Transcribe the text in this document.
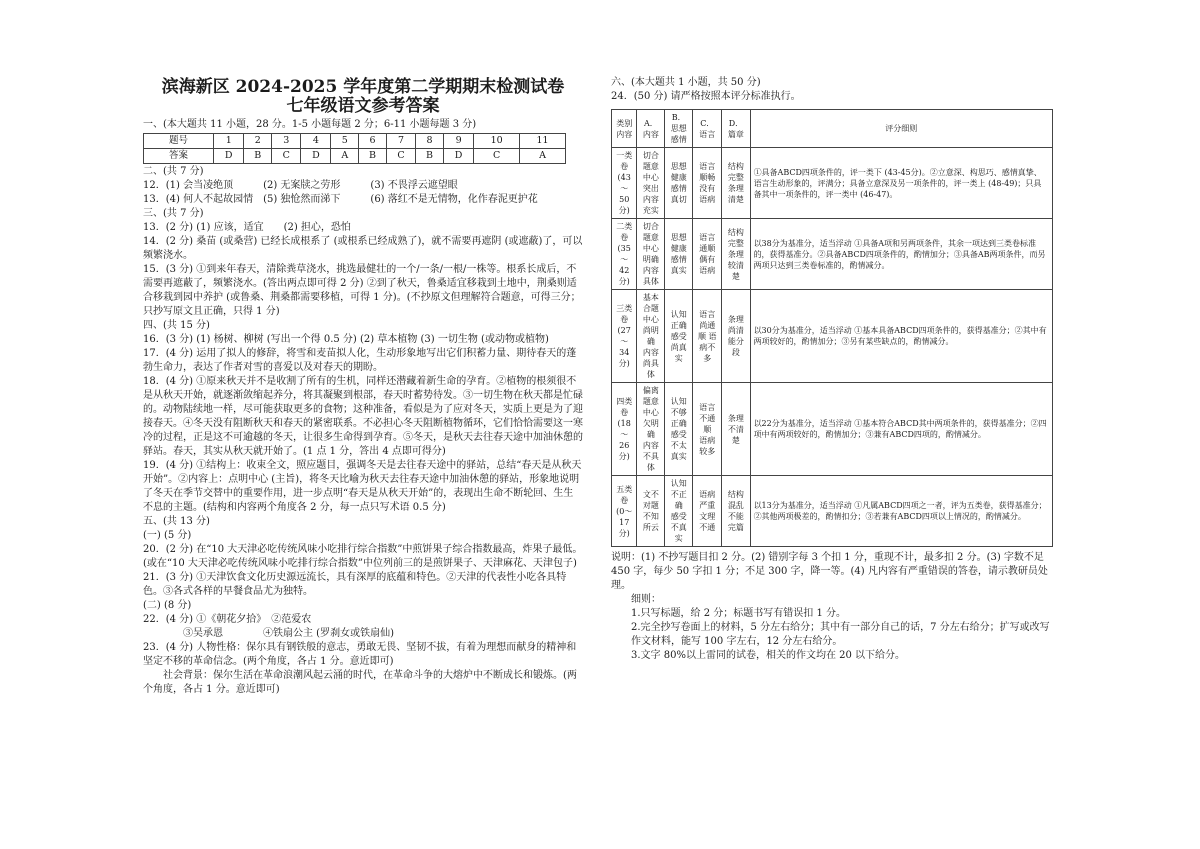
滨海新区 2024-2025 学年度第二学期期末检测试卷

七年级语文参考答案

一、(本大题共 11 小题，28 分。1-5 小题每题 2 分；6-11 小题每题 3 分)

题号	1	2	3	4	5	6	7	8	9	10	11
答案	D	B	C	D	A	B	C	B	D	C	A

二、(共 7 分)

12．(1) 会当凌绝顶　　　(2) 无案牍之劳形　　　(3) 不畏浮云遮望眼

13．(4) 何人不起故园情　(5) 独怆然而涕下　　　(6) 落红不是无情物，化作春泥更护花

三、(共 7 分)

13．(2 分) (1) 应该，适宜　　(2) 担心，恐怕

14．(2 分) 桑苗 (或桑营) 已经长成根系了 (或根系已经成熟了)，就不需要再遮阴 (或遮蔽)了，可以频繁浇水。

15．(3 分) ①到来年春天，清除粪草浇水，挑选最健壮的一个/一条/一根/一株等。根系长成后，不需要再遮蔽了，频繁浇水。(答出两点即可得 2 分) ②到了秋天，鲁桑适宜移栽到土地中，荆桑则适合移栽到园中养护 (或鲁桑、荆桑都需要移植，可得 1 分)。(不抄原文但理解符合题意，可得三分；只抄写原文且正确，只得 1 分)

四、(共 15 分)

16．(3 分) (1) 杨树、柳树 (写出一个得 0.5 分) (2) 草本植物 (3) 一切生物 (或动物或植物)

17．(4 分) 运用了拟人的修辞，将雪和麦苗拟人化，生动形象地写出它们积蓄力量、期待春天的蓬勃生命力，表达了作者对雪的喜爱以及对春天的期盼。

18．(4 分) ①原来秋天并不是收割了所有的生机，同样还潜藏着新生命的孕育。②植物的根须很不是从秋天开始，就逐渐敛缩起养分，将其凝聚到根部，春天时蓄势待发。③一切生物在秋天都是忙碌的。动物陆续地一样，尽可能获取更多的食物；这种准备，看似是为了应对冬天，实质上更是为了迎接春天。④冬天没有阻断秋天和春天的紧密联系。不必担心冬天阻断植物循环，它们恰恰需要这一寒冷的过程，正是这不可逾越的冬天，让很多生命得到孕育。⑤冬天，是秋天去往春天途中加油休憩的驿站。春天，其实从秋天就开始了。(1 点 1 分，答出 4 点即可得分)

19．(4 分) ①结构上：收束全文，照应题目，强调冬天是去往春天途中的驿站，总结“春天是从秋天开始”。②内容上：点明中心 (主旨)，将冬天比喻为秋天去往春天途中加油休憩的驿站，形象地说明了冬天在季节交替中的重要作用，进一步点明“春天是从秋天开始”的，表现出生命不断轮回、生生不息的主题。(结构和内容两个角度各 2 分，每一点只写术语 0.5 分)

五、(共 13 分)

(一) (5 分)

20．(2 分) 在“10 大天津必吃传统风味小吃排行综合指数”中煎饼果子综合指数最高，炸果子最低。(或在“10 大天津必吃传统风味小吃排行综合指数”中位列前三的是煎饼果子、天津麻花、天津包子)

21．(3 分) ①天津饮食文化历史源远流长，具有深厚的底蕴和特色。②天津的代表性小吃各具特色。③各式各样的早餐食品尤为独特。

(二) (8 分)

22．(4 分) ①《朝花夕拾》　②范爱农

　　　　③吴承恩　　　　④铁扇公主 (罗刹女或铁扇仙)

23．(4 分) 人物性格：保尔具有钢铁般的意志，勇敢无畏、坚韧不拔，有着为理想而献身的精神和坚定不移的革命信念。(两个角度，各占 1 分。意近即可)

　　社会背景：保尔生活在革命浪潮风起云涌的时代，在革命斗争的大熔炉中不断成长和锻炼。(两个角度，各占 1 分。意近即可)

六、(本大题共 1 小题，共 50 分)

24．(50 分) 请严格按照本评分标准执行。

类别
内容	A．内容	B．思想
感情	C．语言	D．篇章	评分细则
一类卷
(43～
50分)	切合题意
中心突出
内容充实	思想健康
感情真切	语言顺畅
没有语病	结构完整
条理清楚	①具备ABCD四项条件的，评一类下 (43-45分)。②立意深、构思巧、感情真挚、语言生动形象的，评满分；具备立意深及另一项条件的，评一类上 (48-49)；只具备其中一项条件的，评一类中 (46-47)。
二类卷
(35～
42分)	切合题意
中心明确
内容具体	思想健康
感情真实	语言通顺
偶有语病	结构完整
条理较清
楚	以38分为基准分，适当浮动 ①具备A项和另两项条件，其余一项达到三类卷标准的，获得基准分。②具备ABCD四项条件的，酌情加分；③具备AB两项条件，而另两项只达到三类卷标准的，酌情减分。
三类卷
(27～
34分)	基本合题
中心尚明
确
内容尚具
体	认知正确
感受尚真
实	语言尚通
顺 语病不
多	条理尚清
能分段	以30分为基准分，适当浮动 ①基本具备ABCD四项条件的，获得基准分；②其中有两项较好的，酌情加分；③另有某些缺点的，酌情减分。
四类卷
(18～
26分)	偏离题意
中心欠明
确
内容不具
体	认知不够
正确
感受不太
真实	语言不通
顺
语病较多	条理不清
楚	以22分为基准分，适当浮动 ①基本符合ABCD其中两项条件的，获得基准分；②四项中有两项较好的，酌情加分；③兼有ABCD四项的，酌情减分。
五类卷
(0～17
分)	文不对题
不知所云	认知不正
确
感受不真
实	语病严重
文理不通	结构混乱
不能完篇	以13分为基准分，适当浮动 ①凡属ABCD四项之一者，评为五类卷，获得基准分；②其他两项极差的，酌情扣分；③若兼有ABCD四项以上情况的，酌情减分。

说明：(1) 不抄写题目扣 2 分。(2) 错别字每 3 个扣 1 分，重现不计，最多扣 2 分。(3) 字数不足 450 字，每少 50 字扣 1 分；不足 300 字，降一等。(4) 凡内容有严重错误的答卷，请示教研员处理。

细则：

1.只写标题，给 2 分；标题书写有错误扣 1 分。

2.完全抄写卷面上的材料，5 分左右给分；其中有一部分自己的话，7 分左右给分；扩写或改写作文材料，能写 100 字左右，12 分左右给分。

3.文字 80%以上雷同的试卷，相关的作文均在 20 以下给分。
